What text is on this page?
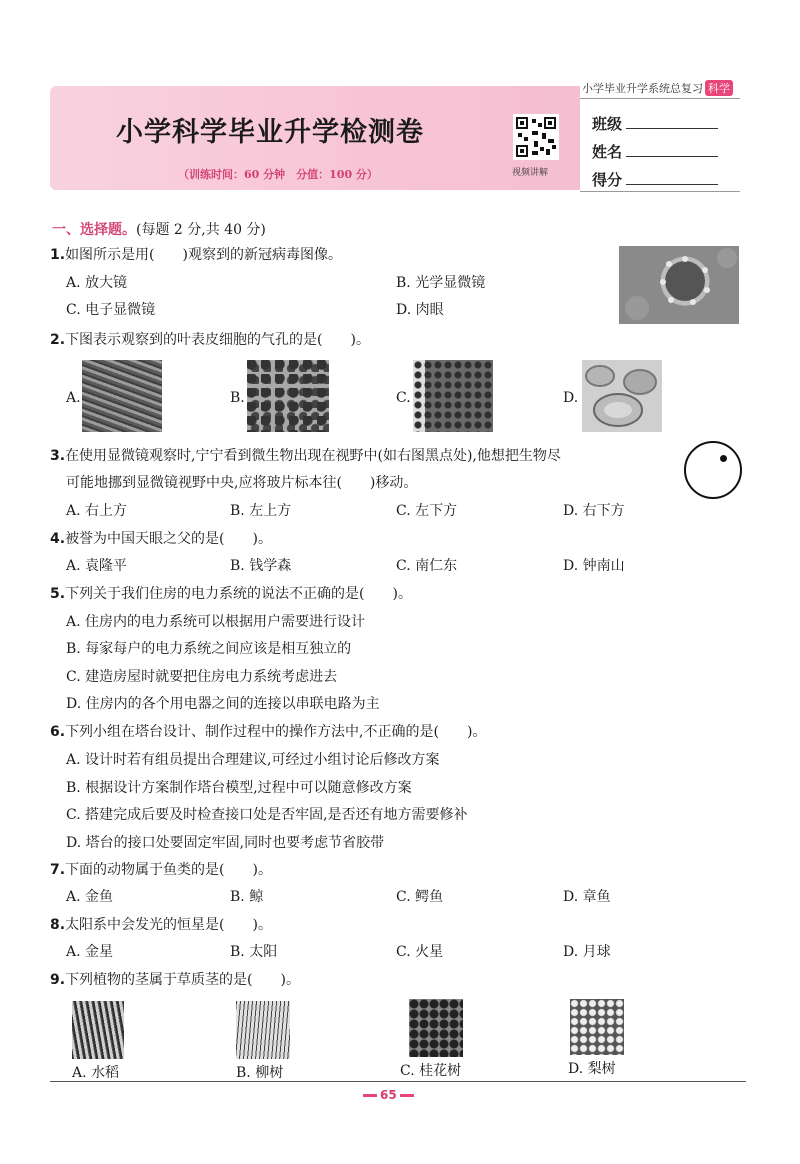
小学毕业升学系统总复习 科学
小学科学毕业升学检测卷
（训练时间：60 分钟　分值：100 分）	视频讲解
班级
姓名
得分
一、选择题。(每题 2 分,共 40 分)
1.如图所示是用(　　)观察到的新冠病毒图像。
A. 放大镜	B. 光学显微镜
C. 电子显微镜	D. 肉眼
2.下图表示观察到的叶表皮细胞的气孔的是(　　)。
A.	B.	C.	D.
3.在使用显微镜观察时,宁宁看到微生物出现在视野中(如右图黑点处),他想把生物尽
可能地挪到显微镜视野中央,应将玻片标本往(　　)移动。
A. 右上方	B. 左上方	C. 左下方	D. 右下方
4.被誉为中国天眼之父的是(　　)。
A. 袁隆平	B. 钱学森	C. 南仁东	D. 钟南山
5.下列关于我们住房的电力系统的说法不正确的是(　　)。
A. 住房内的电力系统可以根据用户需要进行设计
B. 每家每户的电力系统之间应该是相互独立的
C. 建造房屋时就要把住房电力系统考虑进去
D. 住房内的各个用电器之间的连接以串联电路为主
6.下列小组在塔台设计、制作过程中的操作方法中,不正确的是(　　)。
A. 设计时若有组员提出合理建议,可经过小组讨论后修改方案
B. 根据设计方案制作塔台模型,过程中可以随意修改方案
C. 搭建完成后要及时检查接口处是否牢固,是否还有地方需要修补
D. 塔台的接口处要固定牢固,同时也要考虑节省胶带
7.下面的动物属于鱼类的是(　　)。
A. 金鱼	B. 鲸	C. 鳄鱼	D. 章鱼
8.太阳系中会发光的恒星是(　　)。
A. 金星	B. 太阳	C. 火星	D. 月球
9.下列植物的茎属于草质茎的是(　　)。
A. 水稻	B. 柳树	C. 桂花树	D. 梨树
65
